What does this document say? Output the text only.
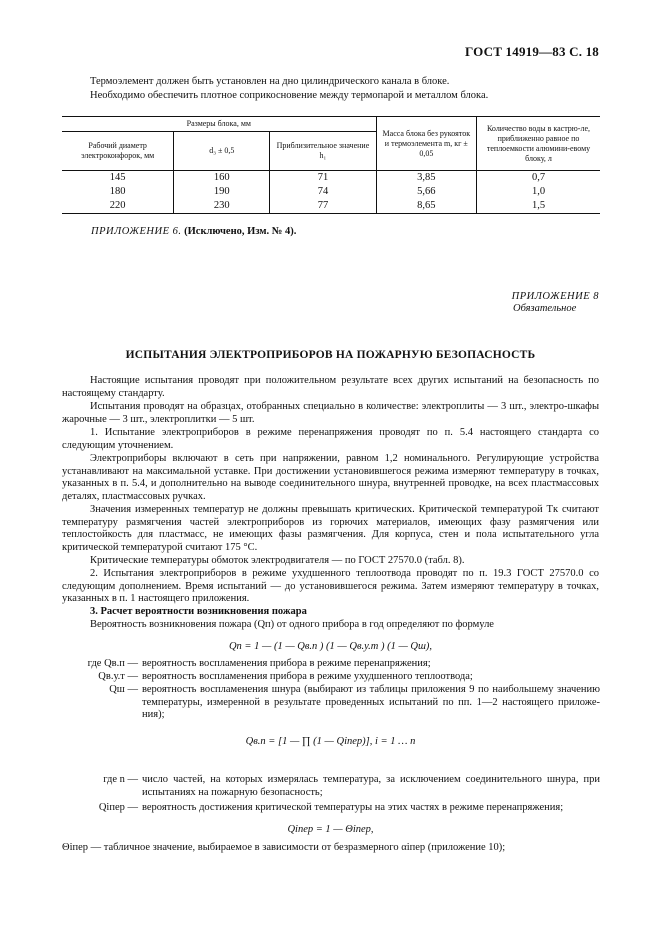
ГОСТ 14919—83 С. 18
Термоэлемент должен быть установлен на дно цилиндрического канала в блоке.
Необходимо обеспечить плотное соприкосновение между термопарой и металлом блока.
Размеры блока, мм			Масса блока без рукояток и термоэлемента m, кг ± 0,05	Количество воды в кастрю-ле, приближенно равное по теплоемкости алюмини-евому блоку, л
Рабочий диаметр электроконфорок, мм	d₃ ± 0,5	Приблизительное значение h₁		
145	160	71	3,85	0,7
180	190	74	5,66	1,0
220	230	77	8,65	1,5
ПРИЛОЖЕНИЕ 6. (Исключено, Изм. № 4).
ПРИЛОЖЕНИЕ 8
Обязательное
ИСПЫТАНИЯ ЭЛЕКТРОПРИБОРОВ НА ПОЖАРНУЮ БЕЗОПАСНОСТЬ
Настоящие испытания проводят при положительном результате всех других испытаний на безопасность по настоящему стандарту.
Испытания проводят на образцах, отобранных специально в количестве: электроплиты — 3 шт., электро-шкафы жарочные — 3 шт., электроплитки — 5 шт.
1. Испытание электроприборов в режиме перенапряжения проводят по п. 5.4 настоящего стандарта со следующим уточнением.
Электроприборы включают в сеть при напряжении, равном 1,2 номинального. Регулирующие устройства устанавливают на максимальной уставке. При достижении установившегося режима измеряют температуру в точках, указанных в п. 5.4, и дополнительно на выводе соединительного шнура, внутренней проводке, на всех пластмассовых деталях, пластмассовых ручках.
Значения измеренных температур не должны превышать критических. Критической температурой Tк считают температуру размягчения частей электроприборов из горючих материалов, имеющих фазу размягчения или теплостойкость для пластмасс, не имеющих фазы размягчения. Для корпуса, стен и пола испытательного угла критической температурой считают 175 °С.
Критические температуры обмоток электродвигателя — по ГОСТ 27570.0 (табл. 8).
2. Испытания электроприборов в режиме ухудшенного теплоотвода проводят по п. 19.3 ГОСТ 27570.0 со следующим дополнением. Время испытаний — до установившегося режима. Затем измеряют температуру в точках, указанных в п. 1 настоящего приложения.
3. Расчет вероятности возникновения пожара
Вероятность возникновения пожара (Qп) от одного прибора в год определяют по формуле
Qп = 1 — (1 — Qв.п ) (1 — Qв.у.т ) (1 — Qш),
где Qв.п — вероятность воспламенения прибора в режиме перенапряжения;
Qв.у.т — вероятность воспламенения прибора в режиме ухудшенного теплоотвода;
Qш — вероятность воспламенения шнура (выбирают из таблицы приложения 9 по наибольшему значению температуры, измеренной в результате проведенных испытаний по пп. 1—2 настоящего приложе-ния);
Qв.п = [1 — ∏ (1 — Qiпер)], i = 1 … n
где n — число частей, на которых измерялась температура, за исключением соединительного шнура, при испытаниях на пожарную безопасность;
Qiпер — вероятность достижения критической температуры на этих частях в режиме перенапряжения;
Qiпер = 1 — Θiпер,
Θiпер — табличное значение, выбираемое в зависимости от безразмерного αiпер (приложение 10);
